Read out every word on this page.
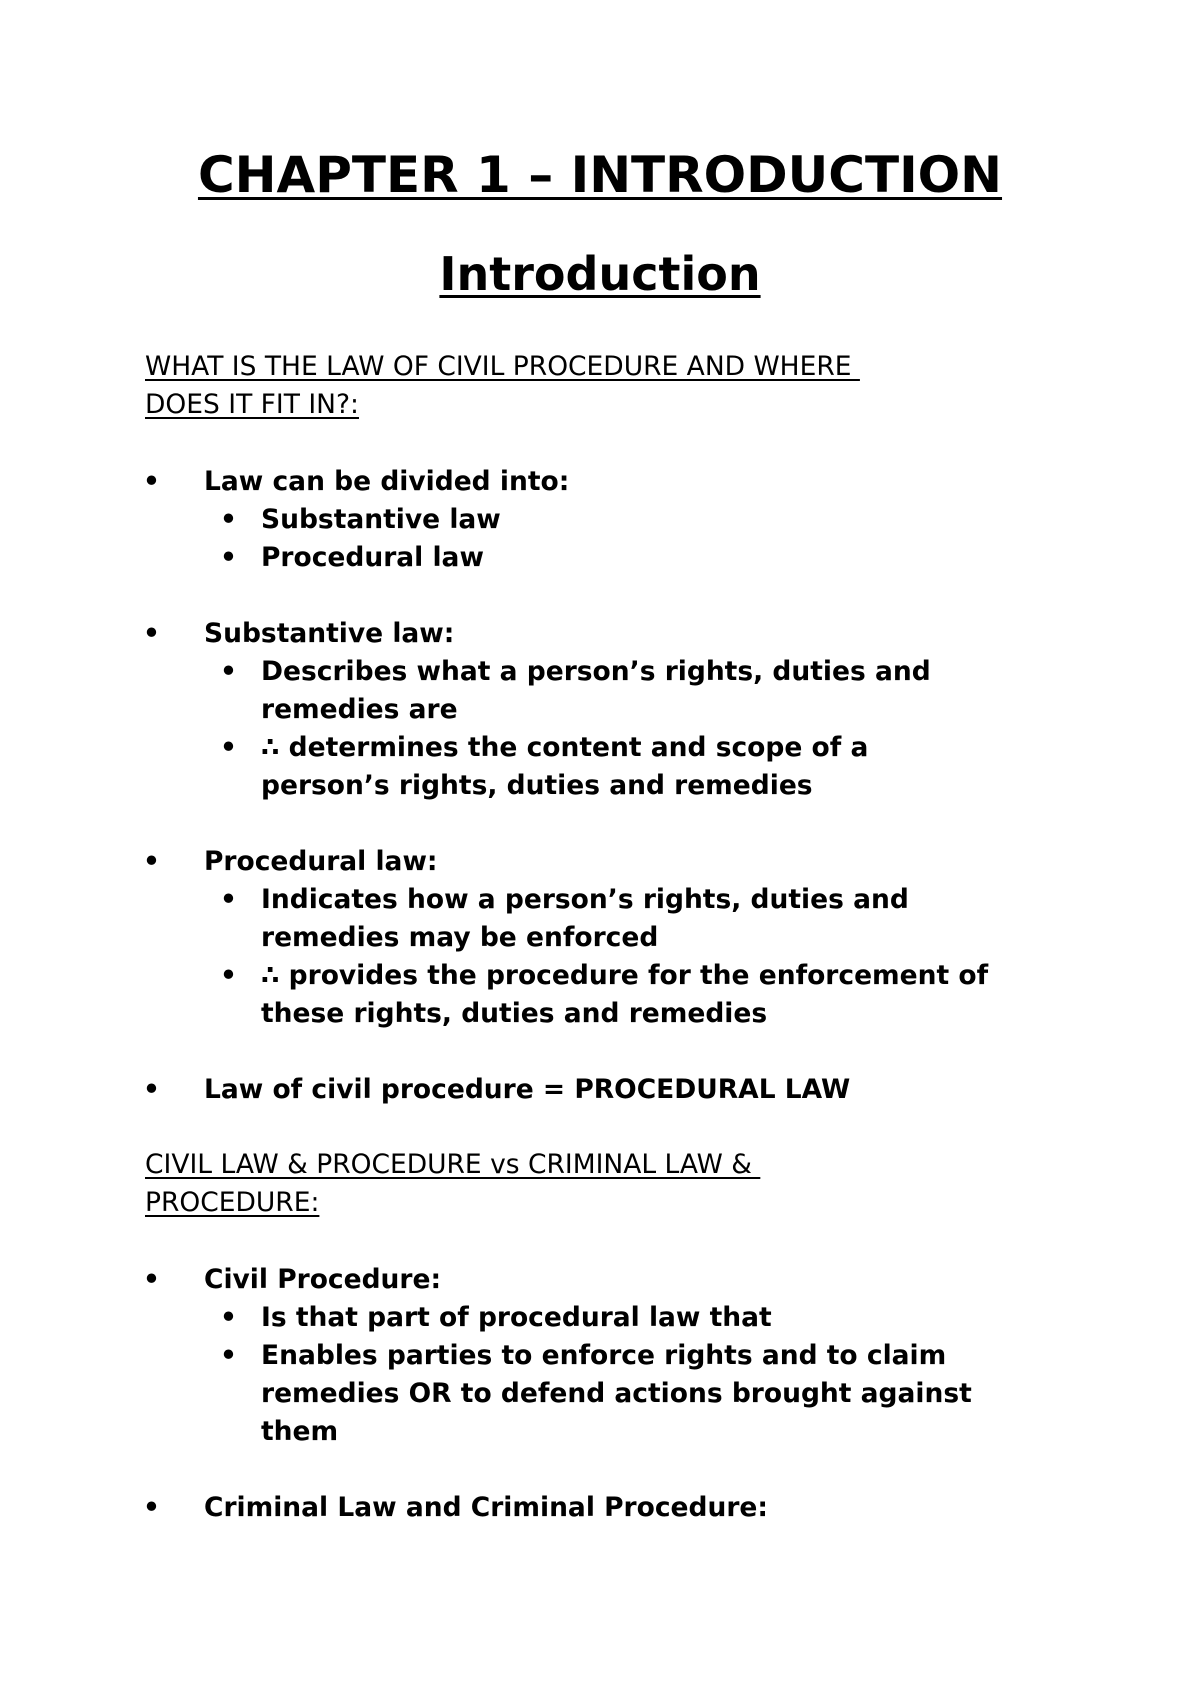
CHAPTER 1 – INTRODUCTION
Introduction
WHAT IS THE LAW OF CIVIL PROCEDURE AND WHERE
DOES IT FIT IN?:
• Law can be divided into:
• Substantive law
• Procedural law
• Substantive law:
• Describes what a person’s rights, duties and
remedies are
• ∴ determines the content and scope of a
person’s rights, duties and remedies
• Procedural law:
• Indicates how a person’s rights, duties and
remedies may be enforced
• ∴ provides the procedure for the enforcement of
these rights, duties and remedies
• Law of civil procedure = PROCEDURAL LAW
CIVIL LAW & PROCEDURE vs CRIMINAL LAW &
PROCEDURE:
• Civil Procedure:
• Is that part of procedural law that
• Enables parties to enforce rights and to claim
remedies OR to defend actions brought against
them
• Criminal Law and Criminal Procedure:
